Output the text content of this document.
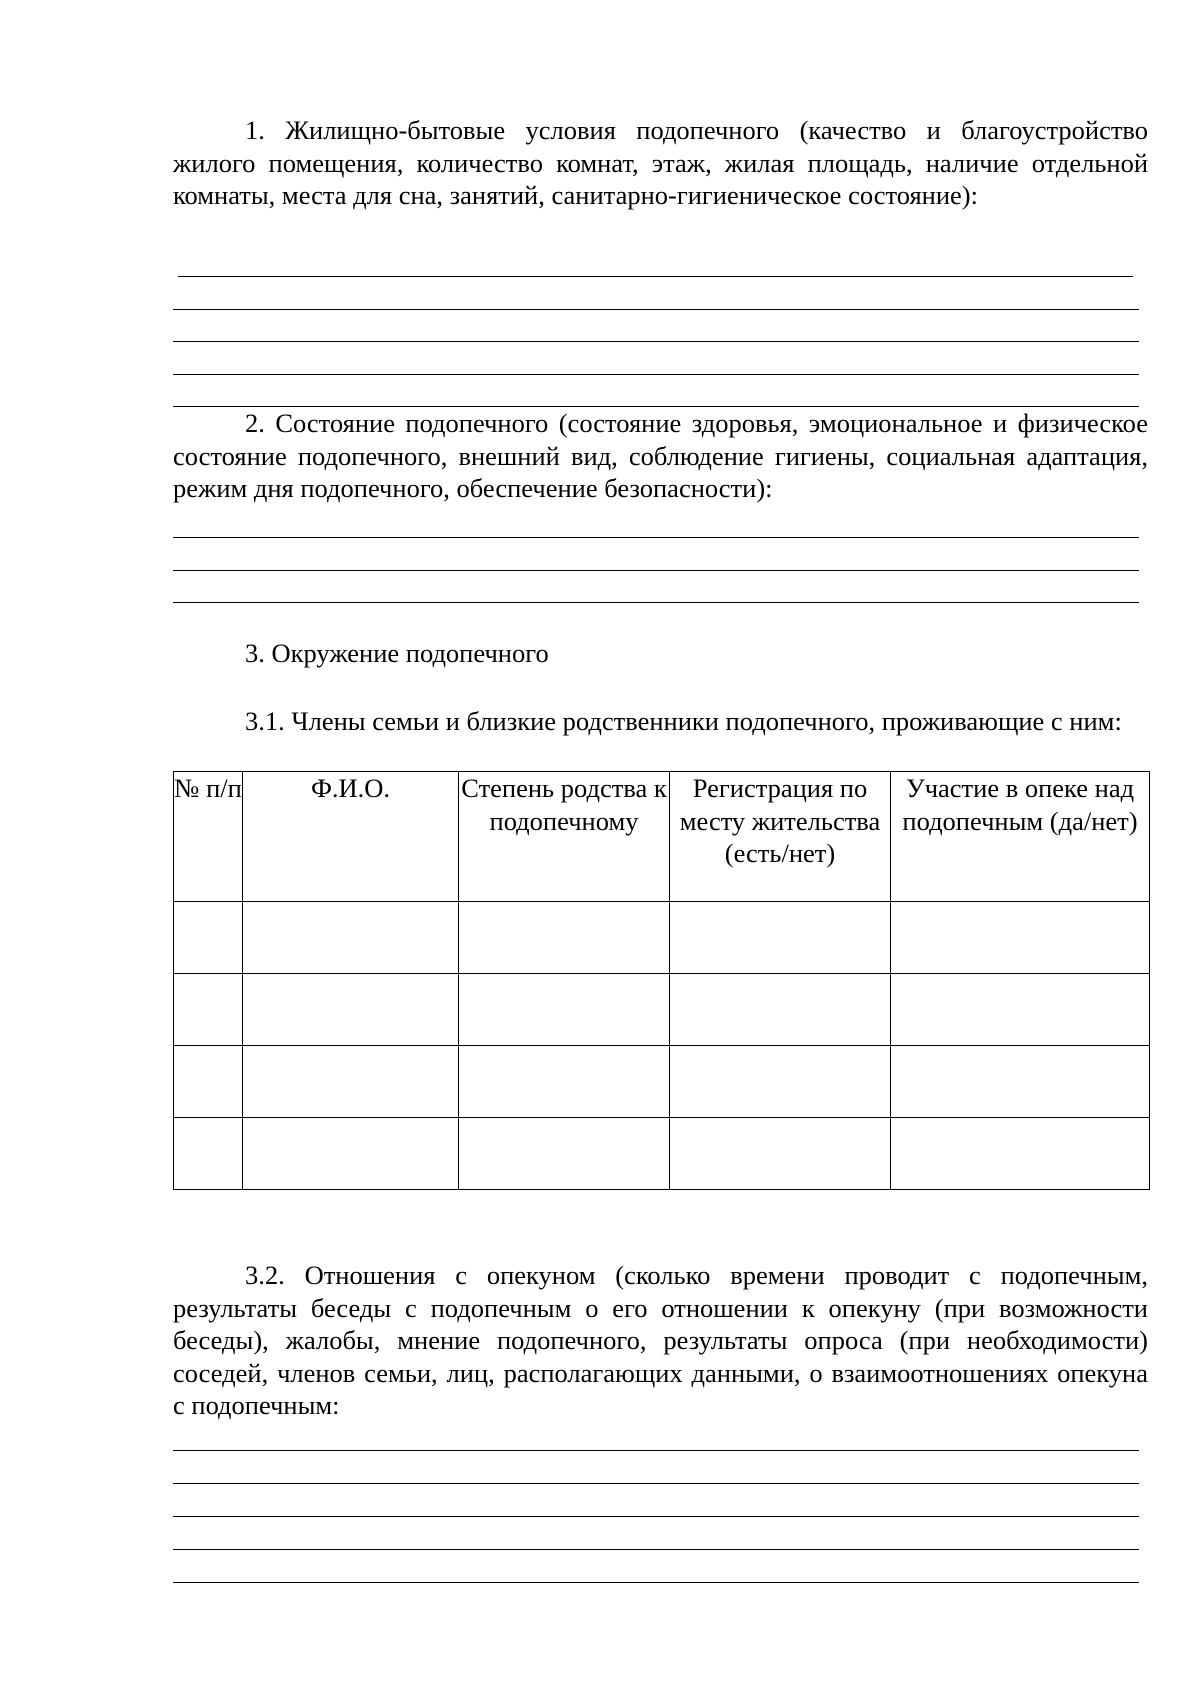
1. Жилищно-бытовые условия подопечного (качество и благоустройство жилого помещения, количество комнат, этаж, жилая площадь, наличие отдельной комнаты, места для сна, занятий, санитарно-гигиеническое состояние):

2. Состояние подопечного (состояние здоровья, эмоциональное и физическое состояние подопечного, внешний вид, соблюдение гигиены, социальная адаптация, режим дня подопечного, обеспечение безопасности):

3. Окружение подопечного

3.1. Члены семьи и близкие родственники подопечного, проживающие с ним:

№ п/п	Ф.И.О.	Степень родства к подопечному	Регистрация по месту жительства (есть/нет)	Участие в опеке над подопечным (да/нет)

3.2. Отношения с опекуном (сколько времени проводит с подопечным, результаты беседы с подопечным о его отношении к опекуну (при возможности беседы), жалобы, мнение подопечного, результаты опроса (при необходимости) соседей, членов семьи, лиц, располагающих данными, о взаимоотношениях опекуна с подопечным:
